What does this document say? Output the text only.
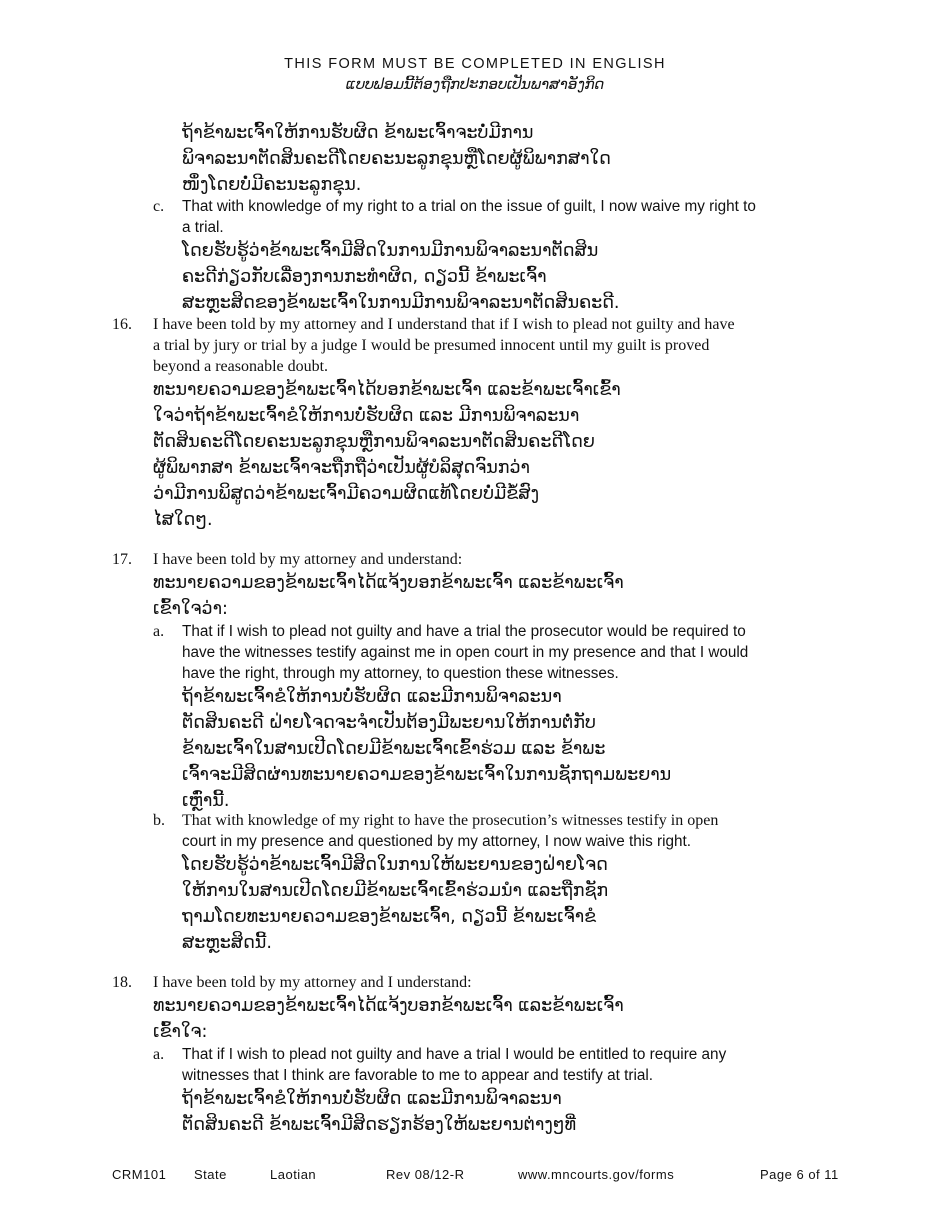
THIS FORM MUST BE COMPLETED IN ENGLISH
ແບບຟອມນີ້ຕ້ອງຖືກປະກອບເປັນພາສາອັງກິດ
ຖ້າຂ້າພະເຈົ້າໃຫ້ການຮັບຜິດ ຂ້າພະເຈົ້າຈະບໍ່ມີການ
ພິຈາລະນາຕັດສິນຄະດີໂດຍຄະນະລູກຂຸນຫຼືໂດຍຜູ້ພິພາກສາໃດ
ໜຶ່ງໂດຍບໍ່ມີຄະນະລູກຂຸນ.
c. That with knowledge of my right to a trial on the issue of guilt, I now waive my right to
a trial.
ໂດຍຮັບຮູ້ວ່າຂ້າພະເຈົ້າມີສິດໃນການມີການພິຈາລະນາຕັດສິນ
ຄະດີກ່ຽວກັບເລື່ອງການກະທຳຜິດ, ດຽວນີ້ ຂ້າພະເຈົ້າ
ສະຫຼະສິດຂອງຂ້າພະເຈົ້າໃນການມີການພິຈາລະນາຕັດສິນຄະດີ.
16. I have been told by my attorney and I understand that if I wish to plead not guilty and have
a trial by jury or trial by a judge I would be presumed innocent until my guilt is proved
beyond a reasonable doubt.
ທະນາຍຄວາມຂອງຂ້າພະເຈົ້າໄດ້ບອກຂ້າພະເຈົ້າ ແລະຂ້າພະເຈົ້າເຂົ້າ
ໃຈວ່າຖ້າຂ້າພະເຈົ້າຂໍໃຫ້ການບໍ່ຮັບຜິດ ແລະ ມີການພິຈາລະນາ
ຕັດສິນຄະດີໂດຍຄະນະລູກຂຸນຫຼືການພິຈາລະນາຕັດສິນຄະດີໂດຍ
ຜູ້ພິພາກສາ ຂ້າພະເຈົ້າຈະຖືກຖືວ່າເປັນຜູ້ບໍລິສຸດຈົນກວ່າ
ວ່າມີການພິສູດວ່າຂ້າພະເຈົ້າມີຄວາມຜິດແທ້ໂດຍບໍ່ມີຂໍ້ສົງ
ໄສໃດໆ.
17. I have been told by my attorney and understand:
ທະນາຍຄວາມຂອງຂ້າພະເຈົ້າໄດ້ແຈ້ງບອກຂ້າພະເຈົ້າ ແລະຂ້າພະເຈົ້າ
ເຂົ້າໃຈວ່າ:
a. That if I wish to plead not guilty and have a trial the prosecutor would be required to
have the witnesses testify against me in open court in my presence and that I would
have the right, through my attorney, to question these witnesses.
ຖ້າຂ້າພະເຈົ້າຂໍໃຫ້ການບໍ່ຮັບຜິດ ແລະມີການພິຈາລະນາ
ຕັດສິນຄະດີ ຝ່າຍໂຈດຈະຈໍາເປັນຕ້ອງມີພະຍານໃຫ້ການຕໍ່ກັບ
ຂ້າພະເຈົ້າໃນສານເປີດໂດຍມີຂ້າພະເຈົ້າເຂົ້າຮ່ວມ ແລະ ຂ້າພະ
ເຈົ້າຈະມີສິດຜ່ານທະນາຍຄວາມຂອງຂ້າພະເຈົ້າໃນການຊັກຖາມພະຍານ
ເຫຼົ່ານີ້.
b. That with knowledge of my right to have the prosecution’s witnesses testify in open
court in my presence and questioned by my attorney, I now waive this right.
ໂດຍຮັບຮູ້ວ່າຂ້າພະເຈົ້າມີສິດໃນການໃຫ້ພະຍານຂອງຝ່າຍໂຈດ
ໃຫ້ການໃນສານເປີດໂດຍມີຂ້າພະເຈົ້າເຂົ້າຮ່ວມນໍາ ແລະຖືກຊັກ
ຖາມໂດຍທະນາຍຄວາມຂອງຂ້າພະເຈົ້າ, ດຽວນີ້ ຂ້າພະເຈົ້າຂໍ
ສະຫຼະສິດນີ້.
18. I have been told by my attorney and I understand:
ທະນາຍຄວາມຂອງຂ້າພະເຈົ້າໄດ້ແຈ້ງບອກຂ້າພະເຈົ້າ ແລະຂ້າພະເຈົ້າ
ເຂົ້າໃຈ:
a. That if I wish to plead not guilty and have a trial I would be entitled to require any
witnesses that I think are favorable to me to appear and testify at trial.
ຖ້າຂ້າພະເຈົ້າຂໍໃຫ້ການບໍ່ຮັບຜິດ ແລະມີການພິຈາລະນາ
ຕັດສິນຄະດີ ຂ້າພະເຈົ້າມີສິດຮຽກຮ້ອງໃຫ້ພະຍານຕ່າງໆທີ່
CRM101 State	Laotian	Rev 08/12-R	www.mncourts.gov/forms	Page 6 of 11
